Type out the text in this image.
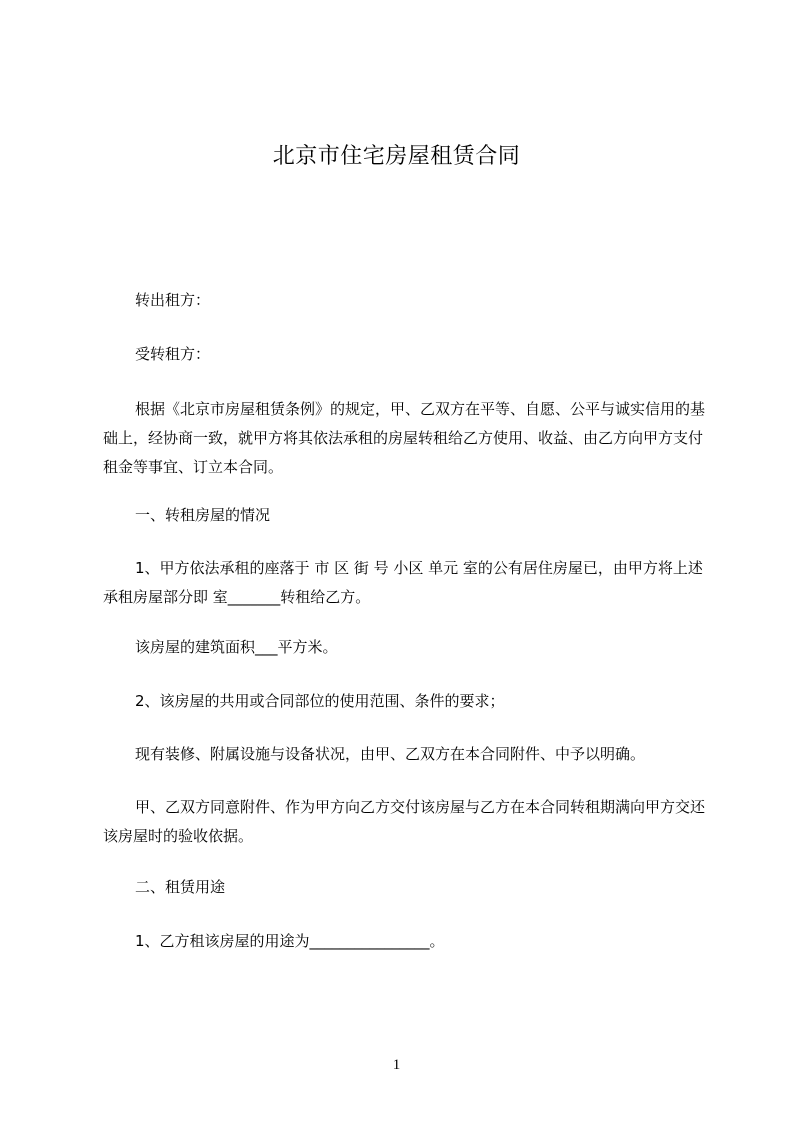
北京市住宅房屋租赁合同

转出租方：

受转租方：

根据《北京市房屋租赁条例》的规定，甲、乙双方在平等、自愿、公平与诚实信用的基础上，经协商一致，就甲方将其依法承租的房屋转租给乙方使用、收益、由乙方向甲方支付租金等事宜、订立本合同。

一、转租房屋的情况

1、甲方依法承租的座落于 市 区 街 号 小区 单元 室的公有居住房屋已，由甲方将上述承租房屋部分即 室_______转租给乙方。

该房屋的建筑面积___平方米。

2、该房屋的共用或合同部位的使用范围、条件的要求；

现有装修、附属设施与设备状况，由甲、乙双方在本合同附件、中予以明确。

甲、乙双方同意附件、作为甲方向乙方交付该房屋与乙方在本合同转租期满向甲方交还该房屋时的验收依据。

二、租赁用途

1、乙方租该房屋的用途为________________。

1
